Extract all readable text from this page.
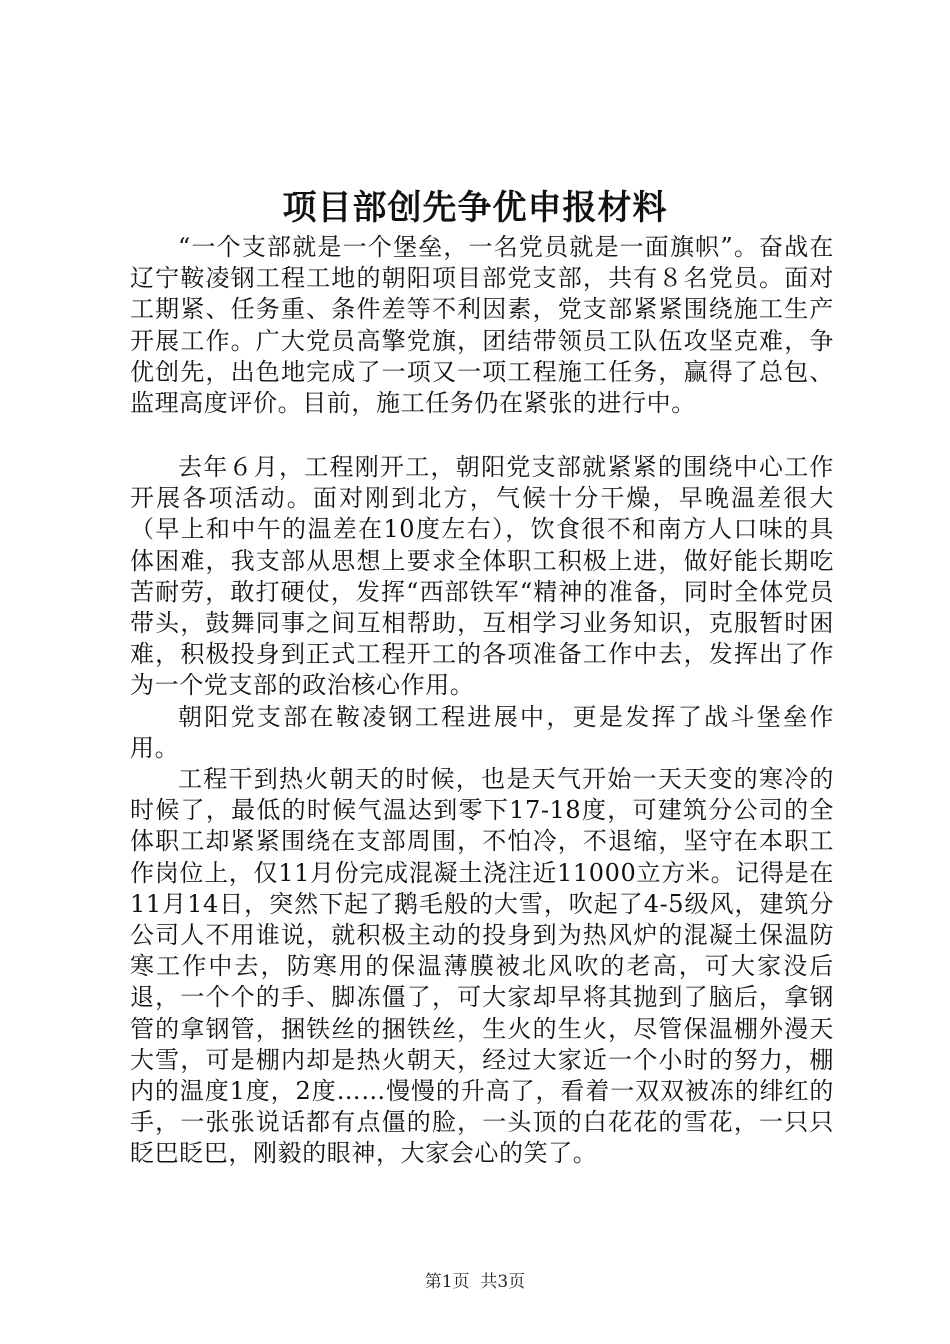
项目部创先争优申报材料

“一个支部就是一个堡垒，一名党员就是一面旗帜”。奋战在辽宁鞍凌钢工程工地的朝阳项目部党支部，共有８名党员。面对工期紧、任务重、条件差等不利因素，党支部紧紧围绕施工生产开展工作。广大党员高擎党旗，团结带领员工队伍攻坚克难，争优创先，出色地完成了一项又一项工程施工任务，赢得了总包、监理高度评价。目前，施工任务仍在紧张的进行中。

去年６月，工程刚开工，朝阳党支部就紧紧的围绕中心工作开展各项活动。面对刚到北方，气候十分干燥，早晚温差很大（早上和中午的温差在10度左右），饮食很不和南方人口味的具体困难，我支部从思想上要求全体职工积极上进，做好能长期吃苦耐劳，敢打硬仗，发挥“西部铁军“精神的准备，同时全体党员带头，鼓舞同事之间互相帮助，互相学习业务知识，克服暂时困难，积极投身到正式工程开工的各项准备工作中去，发挥出了作为一个党支部的政治核心作用。

朝阳党支部在鞍凌钢工程进展中，更是发挥了战斗堡垒作用。

工程干到热火朝天的时候，也是天气开始一天天变的寒冷的时候了，最低的时候气温达到零下17-18度，可建筑分公司的全体职工却紧紧围绕在支部周围，不怕冷，不退缩，坚守在本职工作岗位上，仅11月份完成混凝土浇注近11000立方米。记得是在11月14日，突然下起了鹅毛般的大雪，吹起了4-5级风，建筑分公司人不用谁说，就积极主动的投身到为热风炉的混凝土保温防寒工作中去，防寒用的保温薄膜被北风吹的老高，可大家没后退，一个个的手、脚冻僵了，可大家却早将其抛到了脑后，拿钢管的拿钢管，捆铁丝的捆铁丝，生火的生火，尽管保温棚外漫天大雪，可是棚内却是热火朝天，经过大家近一个小时的努力，棚内的温度1度，2度……慢慢的升高了，看着一双双被冻的绯红的手，一张张说话都有点僵的脸，一头顶的白花花的雪花，一只只眨巴眨巴，刚毅的眼神，大家会心的笑了。

第1页 共3页
